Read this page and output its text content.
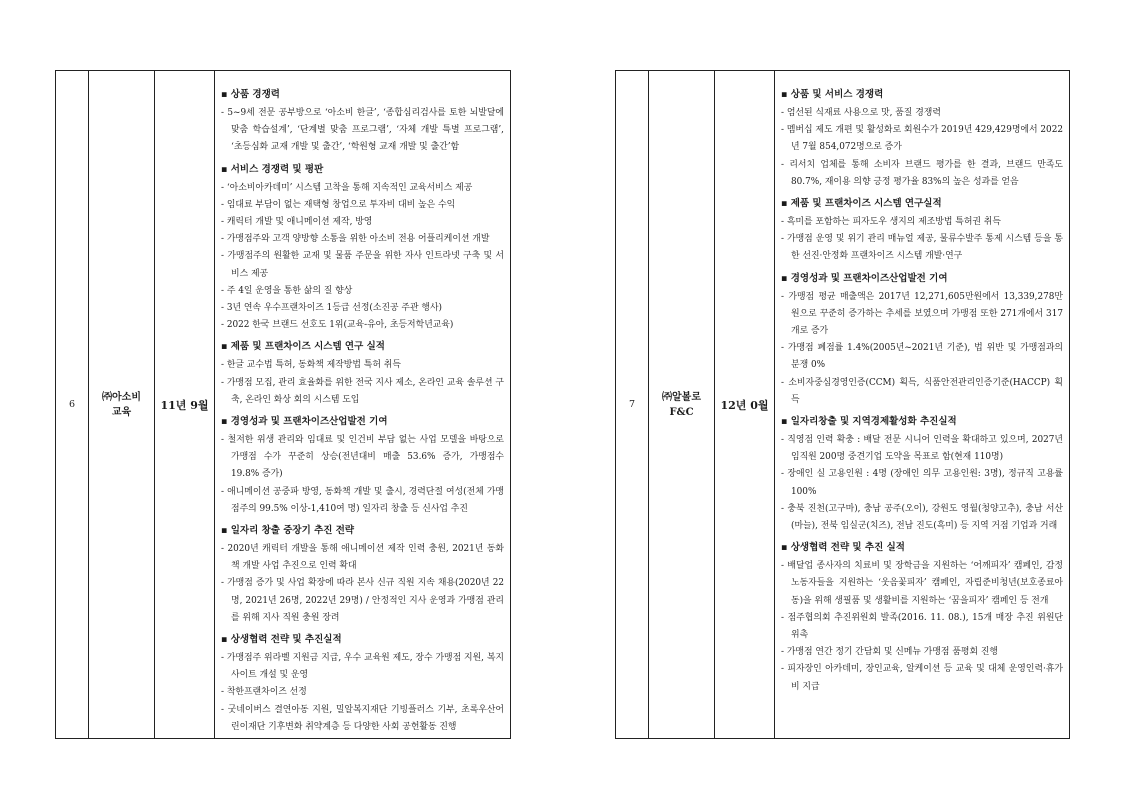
6
㈜아소비
교육
11년 9월
▪ 상품 경쟁력
- 5~9세 전문 공부방으로 ‘아소비 한글’, ‘종합심리검사를 토한 뇌발달에 맞춤 학습설계’, ‘단계별 맞춤 프로그램’, ‘자체 개발 특별 프로그램’, ‘초등심화 교재 개발 및 출간’, ‘학원형 교재 개발 및 출간’함
▪ 서비스 경쟁력 및 평판
- ‘아소비아카데미’ 시스템 고착을 통해 지속적인 교육서비스 제공
- 임대료 부담이 없는 재택형 창업으로 투자비 대비 높은 수익
- 캐릭터 개발 및 애니메이션 제작, 방영
- 가맹점주와 고객 양방향 소통을 위한 아소비 전용 어플리케이션 개발
- 가맹점주의 원활한 교재 및 물품 주문을 위한 자사 인트라넷 구축 및 서비스 제공
- 주 4일 운영을 통한 삶의 질 향상
- 3년 연속 우수프랜차이즈 1등급 선정(소진공 주관 행사)
- 2022 한국 브랜드 선호도 1위(교육-유아, 초등저학년교육)
▪ 제품 및 프랜차이즈 시스템 연구 실적
- 한글 교수법 특허, 동화책 제작방법 특허 취득
- 가맹점 모집, 관리 효율화를 위한 전국 지사 제소, 온라인 교육 솔루션 구축, 온라인 화상 회의 시스템 도입
▪ 경영성과 및 프랜차이즈산업발전 기여
- 철저한 위생 관리와 임대료 및 인건비 부담 없는 사업 모델을 바탕으로 가맹점 수가 꾸준히 상승(전년대비 매출 53.6% 증가, 가맹점수 19.8% 증가)
- 애니메이션 공중파 방영, 동화책 개발 및 출시, 경력단절 여성(전체 가맹점주의 99.5% 이상-1,410여 명) 일자리 창출 등 신사업 추진
▪ 일자리 창출 중장기 추진 전략
- 2020년 캐릭터 개발을 통해 애니메이션 제작 인력 충원, 2021년 동화책 개발 사업 추진으로 인력 확대
- 가맹점 증가 및 사업 확장에 따라 본사 신규 직원 지속 채용(2020년 22명, 2021년 26명, 2022년 29명) / 안정적인 지사 운영과 가맹점 관리를 위해 지사 직원 충원 장려
▪ 상생협력 전략 및 추진실적
- 가맹점주 위라벨 지원금 지급, 우수 교육원 제도, 장수 가맹점 지원, 복지사이트 개설 및 운영
- 착한프랜차이즈 선정
- 굿네이버스 결연아동 지원, 밀알복지재단 기빙플러스 기부, 초록우산어린이재단 기후변화 취약계층 등 다양한 사회 공헌활동 진행
7
㈜알볼로
F&C
12년 0월
▪ 상품 및 서비스 경쟁력
- 엄선된 식재료 사용으로 맛, 품질 경쟁력
- 멤버십 제도 개편 및 활성화로 회원수가 2019년 429,429명에서 2022년 7월 854,072명으로 증가
- 리서치 업체를 통해 소비자 브랜드 평가를 한 결과, 브랜드 만족도 80.7%, 재이용 의향 긍정 평가율 83%의 높은 성과를 얻음
▪ 제품 및 프랜차이즈 시스템 연구실적
- 흑미를 포함하는 피자도우 생지의 제조방법 특허권 취득
- 가맹점 운영 및 위기 관리 매뉴얼 제공, 물류수발주 통제 시스템 등을 통한 선진·안정화 프랜차이즈 시스템 개발·연구
▪ 경영성과 및 프랜차이즈산업발전 기여
- 가맹점 평균 매출액은 2017년 12,271,605만원에서 13,339,278만 원으로 꾸준히 증가하는 추세를 보였으며 가맹점 또한 271개에서 317개로 증가
- 가맹점 폐점률 1.4%(2005년~2021년 기준), 법 위반 및 가맹점과의 분쟁 0%
- 소비자중심경영인증(CCM) 획득, 식품안전관리인증기준(HACCP) 획득
▪ 일자리창출 및 지역경제활성화 추진실적
- 직영점 인력 확충 : 배달 전문 시니어 인력을 확대하고 있으며, 2027년 임직원 200명 중견기업 도약을 목표로 함(현재 110명)
- 장애인 실 고용인원 : 4명 (장애인 의무 고용인원: 3명), 정규직 고용률 100%
- 충북 진천(고구마), 충남 공주(오이), 강원도 영월(청양고추), 충남 서산(마늘), 전북 임실군(치즈), 전남 진도(흑미) 등 지역 거점 기업과 거래
▪ 상생협력 전략 및 추진 실적
- 배달업 종사자의 치료비 및 장학금을 지원하는 ‘어깨피자’ 캠페인, 감정노동자들을 지원하는 ‘웃음꽃피자’ 캠페인, 자립준비청년(보호종료아동)을 위해 생필품 및 생활비를 지원하는 ‘꿈을피자’ 캠페인 등 전개
- 점주협의회 추진위원회 발족(2016. 11. 08.), 15개 매장 추진 위원단 위촉
- 가맹점 연간 정기 간담회 및 신메뉴 가맹점 품평회 진행
- 피자장인 아카데미, 장인교육, 알케이션 등 교육 및 대체 운영인력·휴가비 지급
